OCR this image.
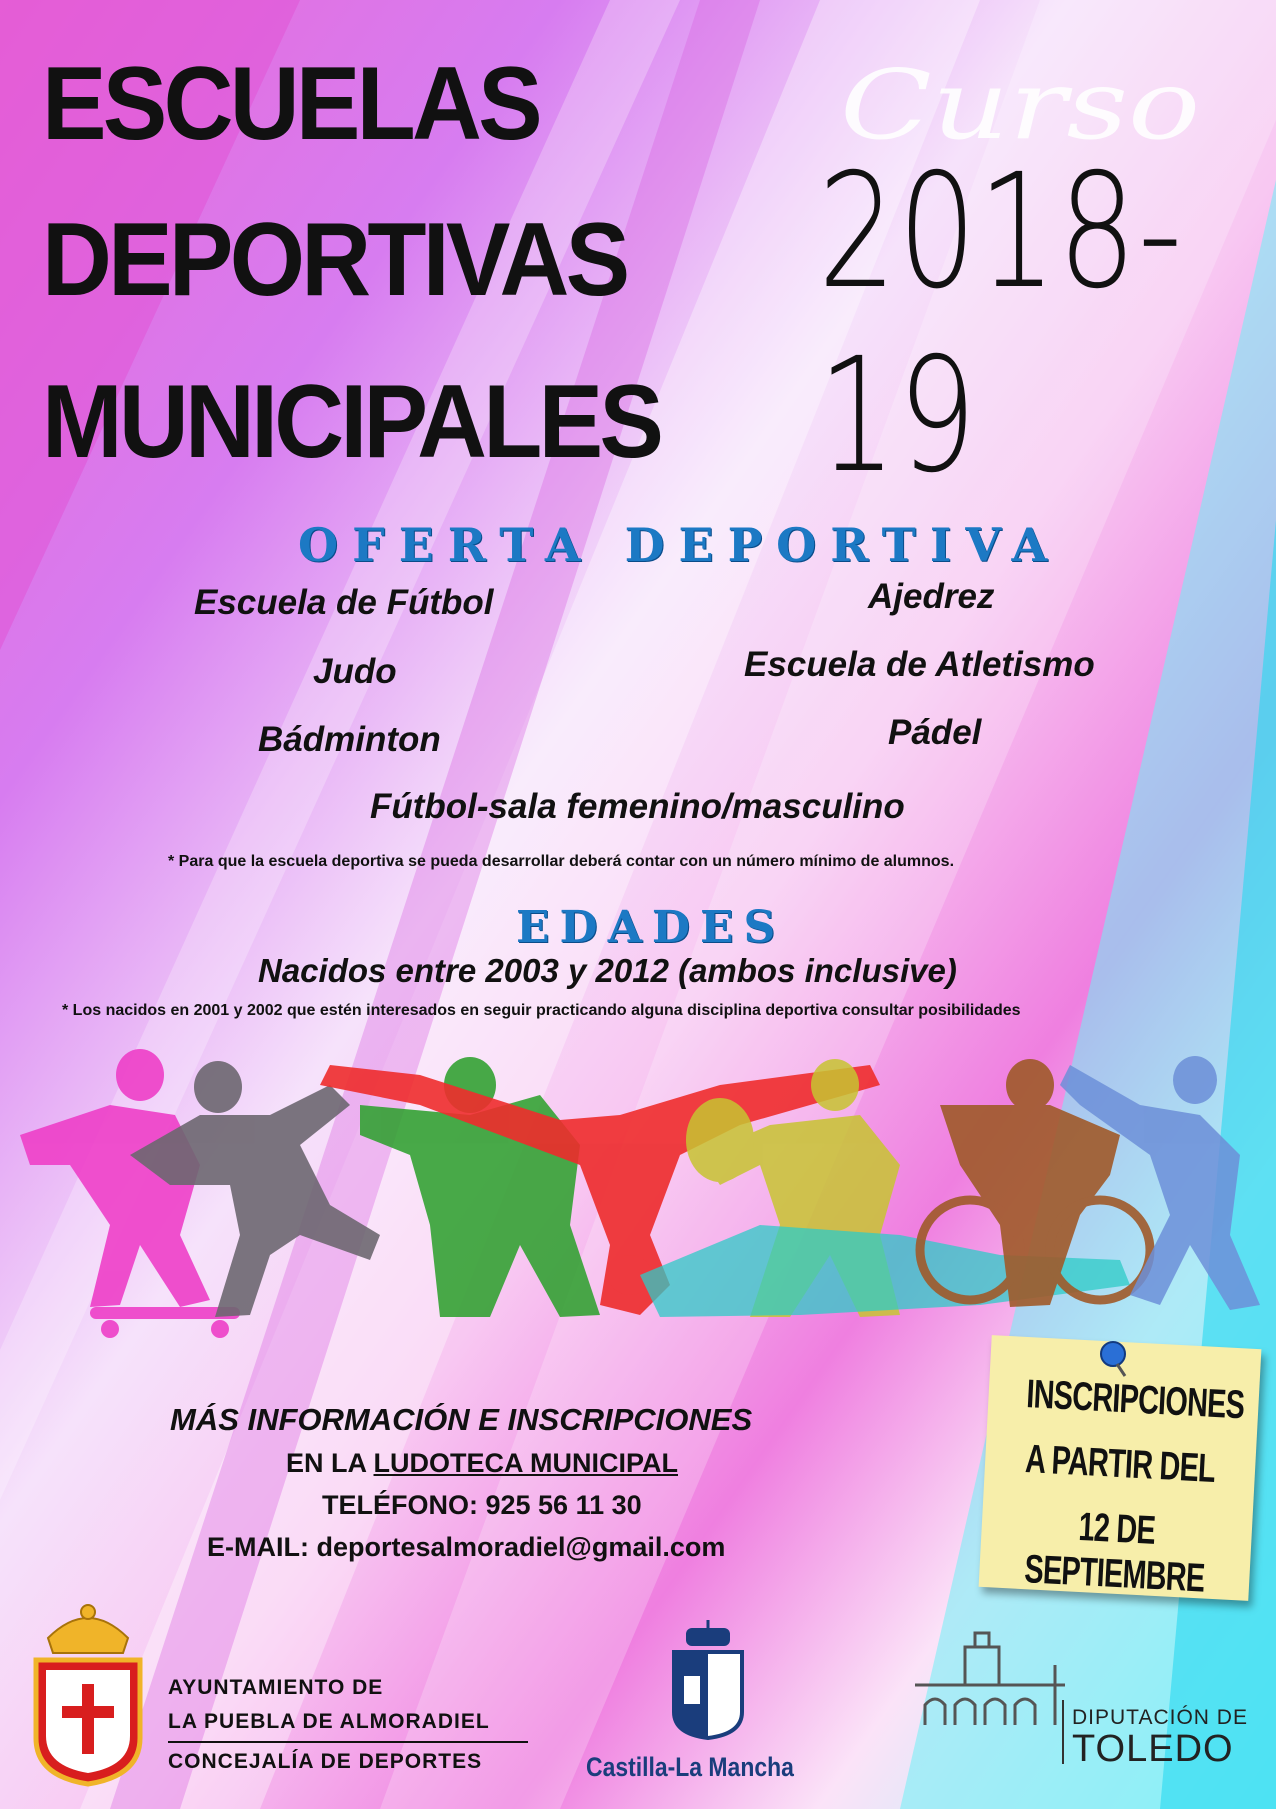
ESCUELAS
DEPORTIVAS
MUNICIPALES
Curso
2018-19
OFERTA DEPORTIVA
Escuela de Fútbol	Ajedrez
Judo	Escuela de Atletismo
Bádminton	Pádel
Fútbol-sala femenino/masculino
* Para que la escuela deportiva se pueda desarrollar deberá contar con un número mínimo de alumnos.
EDADES
Nacidos entre 2003 y 2012 (ambos inclusive)
* Los nacidos en 2001 y 2002 que estén interesados en seguir practicando alguna disciplina deportiva consultar posibilidades
MÁS INFORMACIÓN E INSCRIPCIONES
EN LA LUDOTECA MUNICIPAL
TELÉFONO: 925 56 11 30
E-MAIL: deportesalmoradiel@gmail.com
INSCRIPCIONES
A PARTIR DEL
12 DE SEPTIEMBRE
AYUNTAMIENTO DE
LA PUEBLA DE ALMORADIEL
CONCEJALÍA DE DEPORTES	Castilla-La Mancha
DIPUTACIÓN DE
TOLEDO
